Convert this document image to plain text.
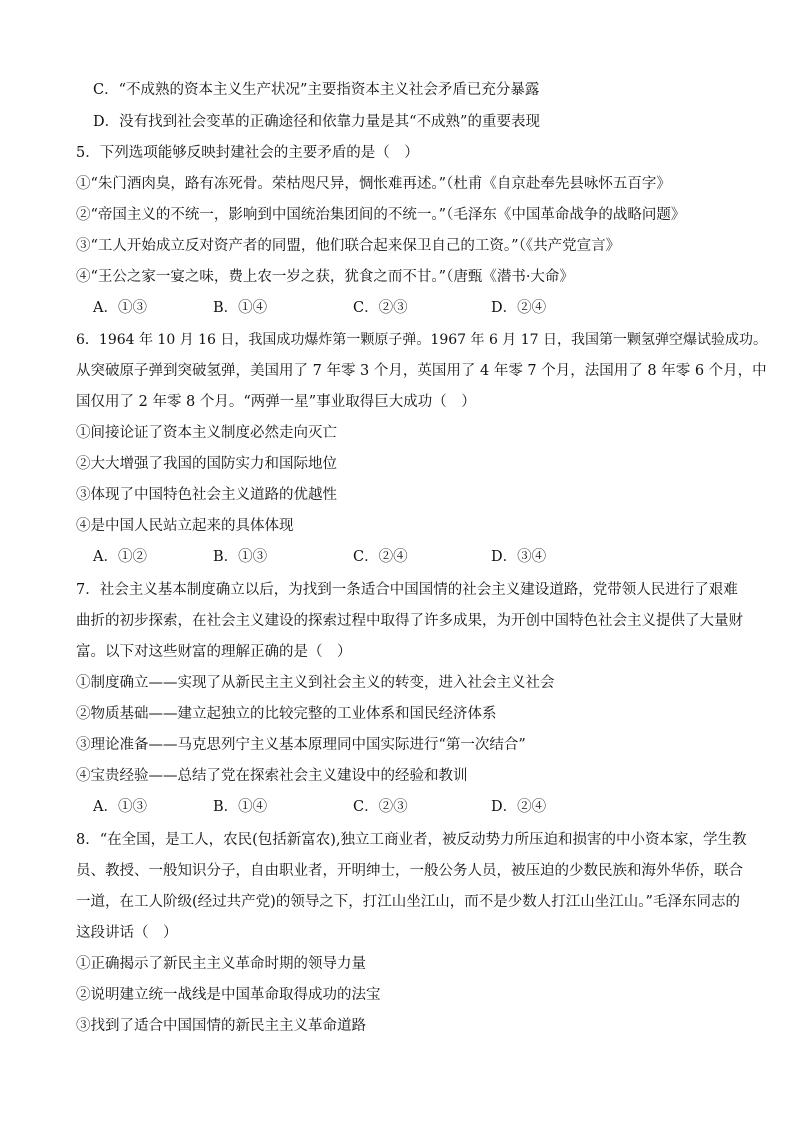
C．“不成熟的资本主义生产状况”主要指资本主义社会矛盾已充分暴露
D．没有找到社会变革的正确途径和依靠力量是其“不成熟”的重要表现
5．下列选项能够反映封建社会的主要矛盾的是（　）
①“朱门酒肉臭，路有冻死骨。荣枯咫尺异，惆怅难再述。”（杜甫《自京赴奉先县咏怀五百字》
②“帝国主义的不统一，影响到中国统治集团间的不统一。”（毛泽东《中国革命战争的战略问题》
③“工人开始成立反对资产者的同盟，他们联合起来保卫自己的工资。”（《共产党宣言》
④“王公之家一宴之味，费上农一岁之获，犹食之而不甘。”（唐甄《潜书·大命》
A．①③	B．①④	C．②③	D．②④
6．1964 年 10 月 16 日，我国成功爆炸第一颗原子弹。1967 年 6 月 17 日，我国第一颗氢弹空爆试验成功。
从突破原子弹到突破氢弹，美国用了 7 年零 3 个月，英国用了 4 年零 7 个月，法国用了 8 年零 6 个月，中
国仅用了 2 年零 8 个月。“两弹一星”事业取得巨大成功（　）
①间接论证了资本主义制度必然走向灭亡
②大大增强了我国的国防实力和国际地位
③体现了中国特色社会主义道路的优越性
④是中国人民站立起来的具体体现
A．①②	B．①③	C．②④	D．③④
7．社会主义基本制度确立以后，为找到一条适合中国国情的社会主义建设道路，党带领人民进行了艰难
曲折的初步探索，在社会主义建设的探索过程中取得了许多成果，为开创中国特色社会主义提供了大量财
富。以下对这些财富的理解正确的是（　）
①制度确立——实现了从新民主主义到社会主义的转变，进入社会主义社会
②物质基础——建立起独立的比较完整的工业体系和国民经济体系
③理论准备——马克思列宁主义基本原理同中国实际进行“第一次结合”
④宝贵经验——总结了党在探索社会主义建设中的经验和教训
A．①③	B．①④	C．②③	D．②④
8．“在全国，是工人，农民(包括新富农),独立工商业者，被反动势力所压迫和损害的中小资本家，学生教
员、教授、一般知识分子，自由职业者，开明绅士，一般公务人员，被压迫的少数民族和海外华侨，联合
一道，在工人阶级(经过共产党)的领导之下，打江山坐江山，而不是少数人打江山坐江山。”毛泽东同志的
这段讲话（　）
①正确揭示了新民主主义革命时期的领导力量
②说明建立统一战线是中国革命取得成功的法宝
③找到了适合中国国情的新民主主义革命道路
